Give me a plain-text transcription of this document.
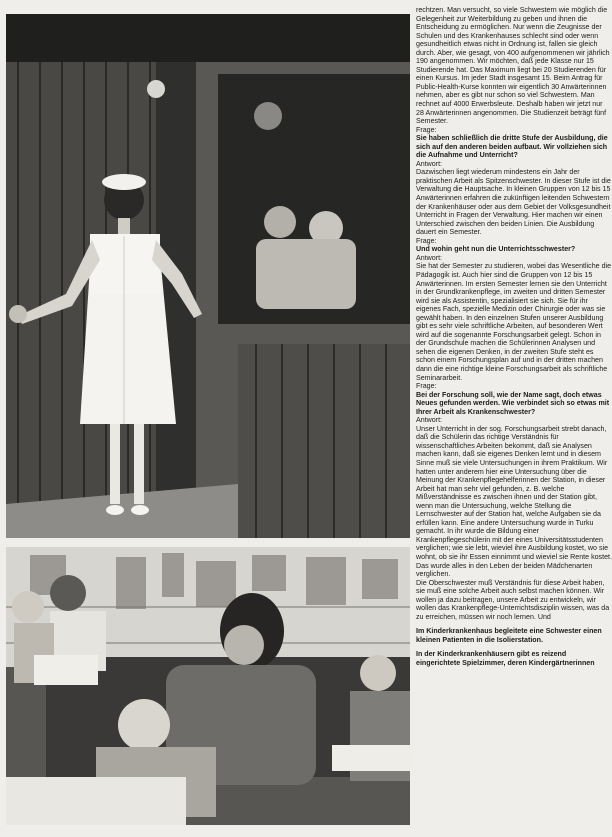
rechtzen. Man versucht, so viele Schwestern wie möglich die Gelegenheit zur Weiterbildung zu geben und ihnen die Entscheidung zu ermöglichen. Nur wenn die Zeugnisse der Schulen und des Krankenhauses schlecht sind oder wenn gesundheitlich etwas nicht in Ordnung ist, fallen sie gleich durch. Aber, wie gesagt, von 400 aufgenommenen wir jährlich 190 angenommen. Wir möchten, daß jede Klasse nur 15 Studierende hat. Das Maximum liegt bei 20 Studierenden für einen Kursus. Im jeder Stadt insgesamt 15. Beim Antrag für Public-Health-Kurse konnten wir eigentlich 30 Anwärterinnen nehmen, aber es gibt nur schon so viel Schwestern. Man rechnet auf 4000 Erwerbsleute. Deshalb haben wir jetzt nur 28 Anwärterinnen angenommen. Die Studienzeit beträgt fünf Semester.

Frage:
Sie haben schließlich die dritte Stufe der Ausbildung, die sich auf den anderen beiden aufbaut. Wir vollziehen sich die Aufnahme und Unterricht?
Antwort:

Dazwischen liegt wiederum mindestens ein Jahr der praktischen Arbeit als Spitzenschwester. In dieser Stufe ist die Verwaltung die Hauptsache. In kleinen Gruppen von 12 bis 15 Anwärterinnen erfahren die zukünftigen leitenden Schwestern der Krankenhäuser oder aus dem Gebiet der Volksgesundheit Unterricht in Fragen der Verwaltung. Hier machen wir einen Unterschied zwischen den beiden Linien. Die Ausbildung dauert ein Semester.

Frage:
Und wohin geht nun die Unterrichtsschwester?
Antwort:

Sie hat der Semester zu studieren, wobei das Wesentliche die Pädagogik ist. Auch hier sind die Gruppen von 12 bis 15 Anwärterinnen. Im ersten Semester lernen sie den Unterricht in der Grundkrankenpflege, im zweiten und dritten Semester wird sie als Assistentin, spezialisiert sie sich. Sie für ihr eigenes Fach, spezielle Medizin oder Chirurgie oder was sie gewählt haben. In den einzelnen Stufen unserer Ausbildung gibt es sehr viele schriftliche Arbeiten, auf besonderen Wert wird auf die sogenannte Forschungsarbeit gelegt. Schon in der Grundschule machen die Schülerinnen Analysen und sehen die eigenen Denken, in der zweiten Stufe steht es schon einem Forschungsplan auf und in der dritten machen dann die eine richtige kleine Forschungsarbeit als schriftliche Seminararbeit.

Frage:
Bei der Forschung soll, wie der Name sagt, doch etwas Neues gefunden werden. Wie verbindet sich so etwas mit Ihrer Arbeit als Krankenschwester?
Antwort:

Unser Unterricht in der sog. Forschungsarbeit strebt danach, daß die Schülerin das richtige Verständnis für wissenschaftliches Arbeiten bekommt, daß sie Analysen machen kann, daß sie eigenes Denken lernt und in diesem Sinne muß sie viele Untersuchungen in ihrem Praktikum. Wir hatten unter anderem hier eine Untersuchung über die Meinung der Krankenpflegehelferinnen der Station, in dieser Arbeit hat man sehr viel gefunden, z. B. welche Mißverständnisse es zwischen ihnen und der Station gibt, wenn man die Untersuchung, welche Stellung die Lernschwester auf der Station hat, welche Aufgaben sie da erfüllen kann. Eine andere Untersuchung wurde in Turku gemacht. In ihr wurde die Bildung einer Krankenpflegeschülerin mit der eines Universitätsstudenten verglichen; wie sie lebt, wieviel ihre Ausbildung kostet, wo sie wohnt, ob sie ihr Essen einnimmt und wieviel sie Rente kostet. Das wurde alles in den Leben der beiden Mädchenarten verglichen.

Die Oberschwester muß Verständnis für diese Arbeit haben, sie muß eine solche Arbeit auch selbst machen können. Wir wollen ja dazu beitragen, unsere Arbeit zu entwickeln, wir wollen das Krankenpflege-Unterrichtsdisziplin wissen, was da zu erreichen, müssen wir noch lernen. Und

Im Kinderkrankenhaus begleitete eine Schwester einen kleinen Patienten in die Isolierstation.
In der Kinderkrankenhäusern gibt es reizend eingerichtete Spielzimmer, deren Kindergärtnerinnen
